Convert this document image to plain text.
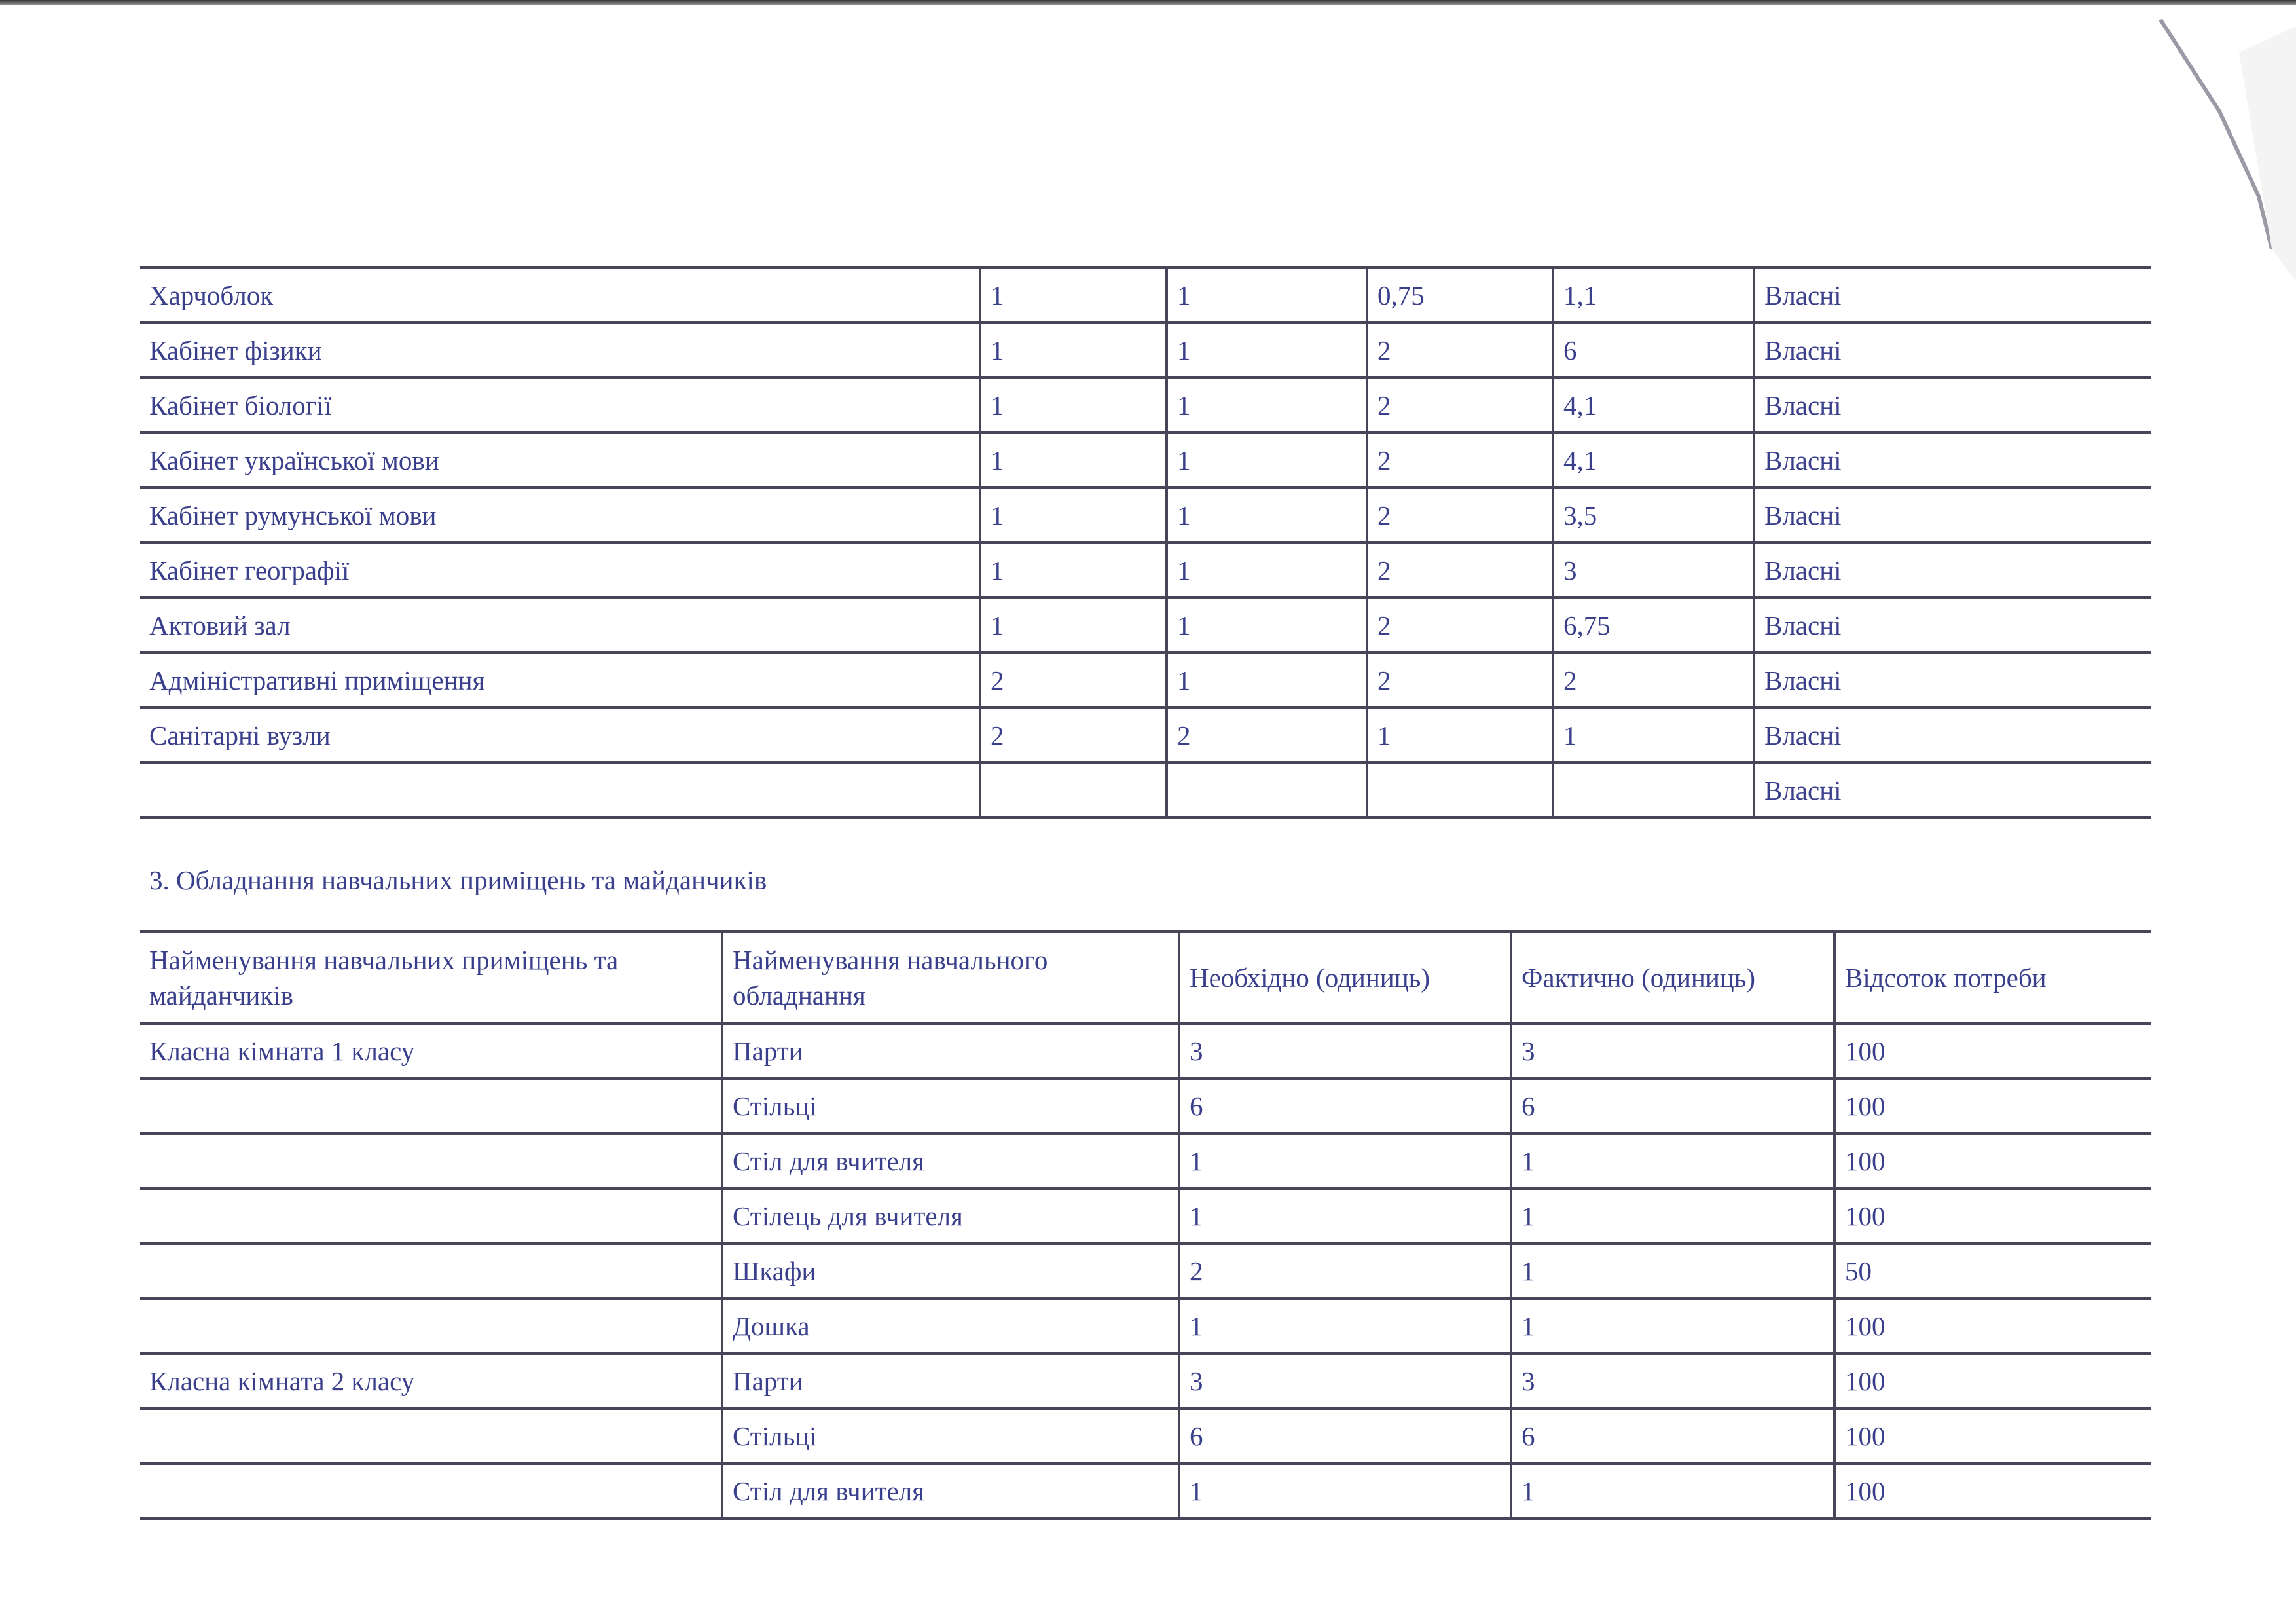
Харчоблок	1	1	0,75	1,1	Власні
Кабінет фізики	1	1	2	6	Власні
Кабінет біології	1	1	2	4,1	Власні
Кабінет української мови	1	1	2	4,1	Власні
Кабінет румунської мови	1	1	2	3,5	Власні
Кабінет географії	1	1	2	3	Власні
Актовий зал	1	1	2	6,75	Власні
Адміністративні приміщення	2	1	2	2	Власні
Санітарні вузли	2	2	1	1	Власні
					Власні
3. Обладнання навчальних приміщень та майданчиків
Найменування навчальних приміщень та майданчиків	Найменування навчального обладнання	Необхідно (одиниць)	Фактично (одиниць)	Відсоток потреби
Класна кімната 1 класу	Парти	3	3	100
	Стільці	6	6	100
	Стіл для вчителя	1	1	100
	Стілець для вчителя	1	1	100
	Шкафи	2	1	50
	Дошка	1	1	100
Класна кімната 2 класу	Парти	3	3	100
	Стільці	6	6	100
	Стіл для вчителя	1	1	100
